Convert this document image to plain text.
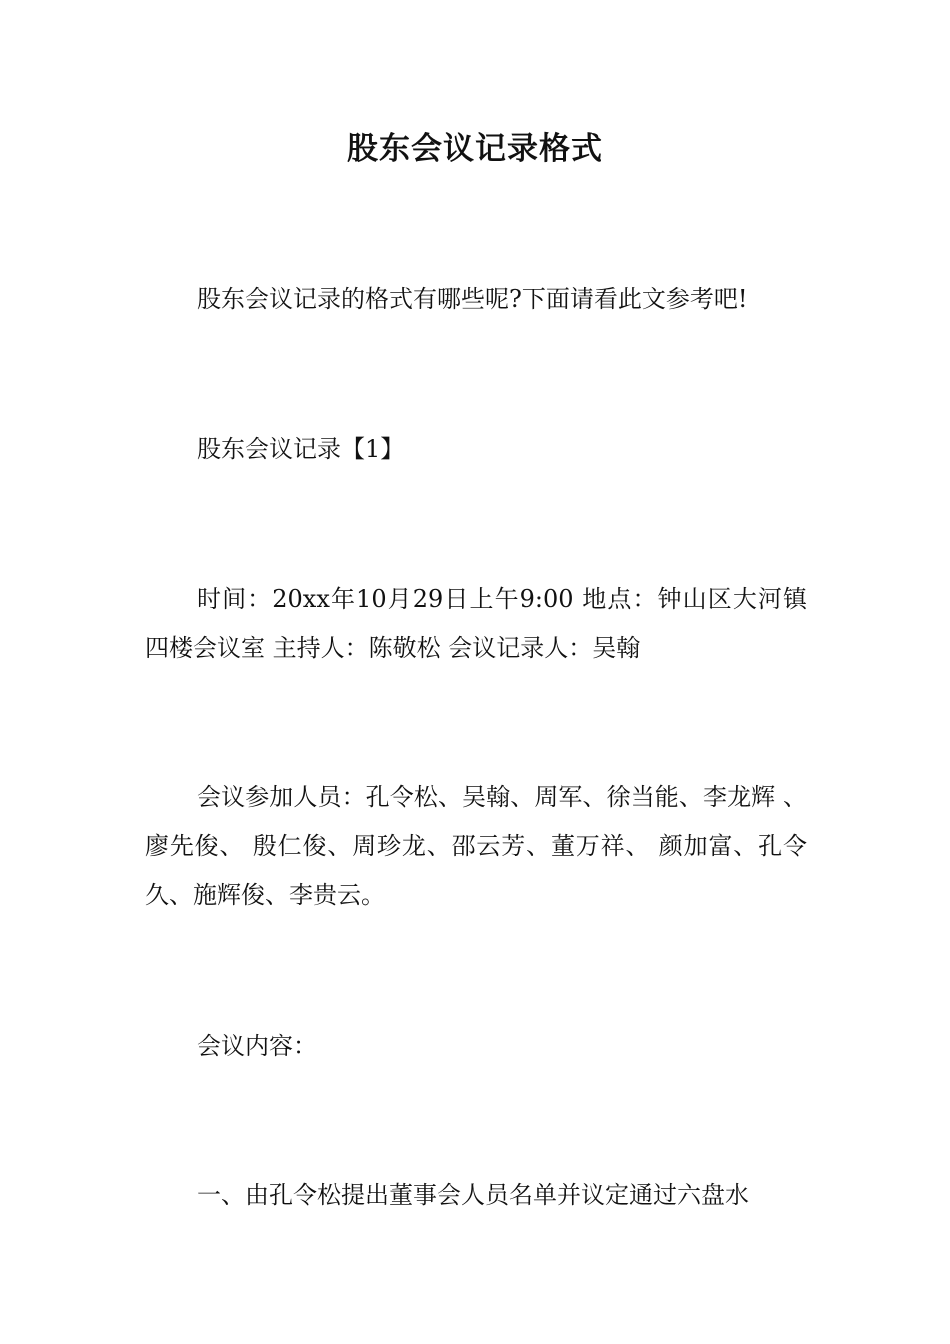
股东会议记录格式

股东会议记录的格式有哪些呢?下面请看此文参考吧!

股东会议记录【1】

时间：20xx年10月29日上午9:00 地点：钟山区大河镇四楼会议室 主持人：陈敬松 会议记录人：吴翰

会议参加人员：孔令松、吴翰、周军、徐当能、李龙辉 、廖先俊、 殷仁俊、周珍龙、邵云芳、董万祥、 颜加富、孔令久、施辉俊、李贵云。

会议内容：

一、由孔令松提出董事会人员名单并议定通过六盘水
